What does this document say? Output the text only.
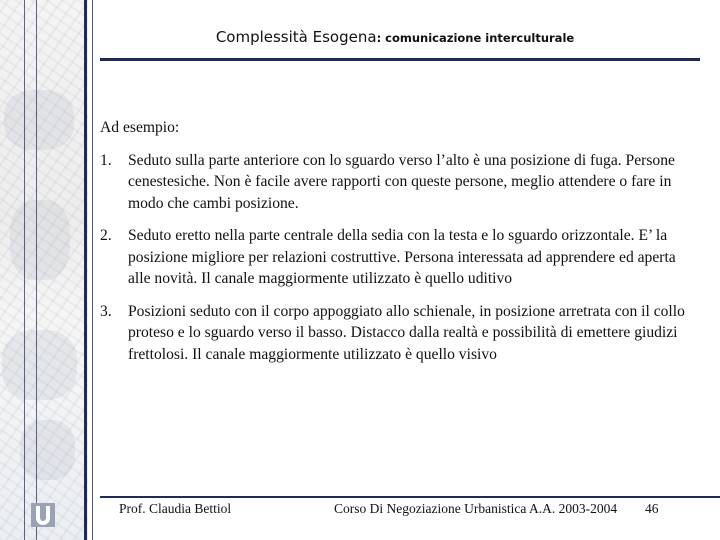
Complessità Esogena: comunicazione interculturale

Ad esempio:

1. Seduto sulla parte anteriore con lo sguardo verso l’alto è una posizione di fuga. Persone cenestesiche. Non è facile avere rapporti con queste persone, meglio attendere o fare in modo che cambi posizione.
2. Seduto eretto nella parte centrale della sedia con la testa e lo sguardo orizzontale. E’ la posizione migliore per relazioni costruttive. Persona interessata ad apprendere ed aperta alle novità. Il canale maggiormente utilizzato è quello uditivo
3. Posizioni seduto con il corpo appoggiato allo schienale, in posizione arretrata con il collo proteso e lo sguardo verso il basso. Distacco dalla realtà e possibilità di emettere giudizi frettolosi. Il canale maggiormente utilizzato è quello visivo
Prof. Claudia Bettiol	Corso Di Negoziazione Urbanistica A.A. 2003-2004 46
